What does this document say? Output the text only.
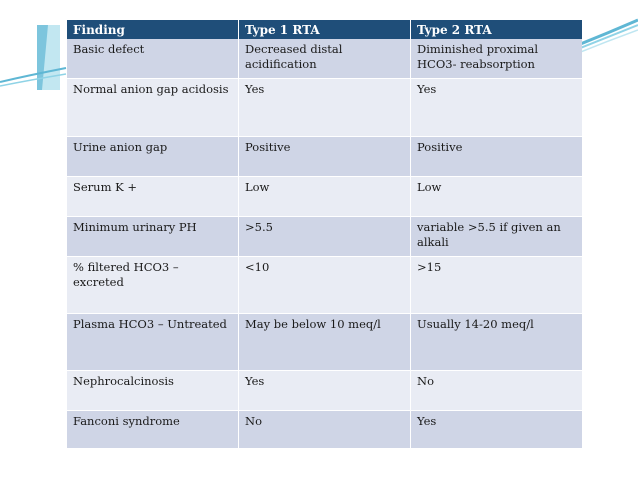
Finding	Type 1 RTA	Type 2 RTA
Basic defect	Decreased distal acidification	Diminished proximal HCO3- reabsorption
Normal anion gap acidosis	Yes	Yes
Urine anion gap	Positive	Positive
Serum K +	Low	Low
Minimum urinary PH	>5.5	variable >5.5 if given an alkali
% filtered HCO3 – excreted	<10	>15
Plasma HCO3 – Untreated	May be below 10 meq/l	Usually 14-20 meq/l
Nephrocalcinosis	Yes	No
Fanconi syndrome	No	Yes
